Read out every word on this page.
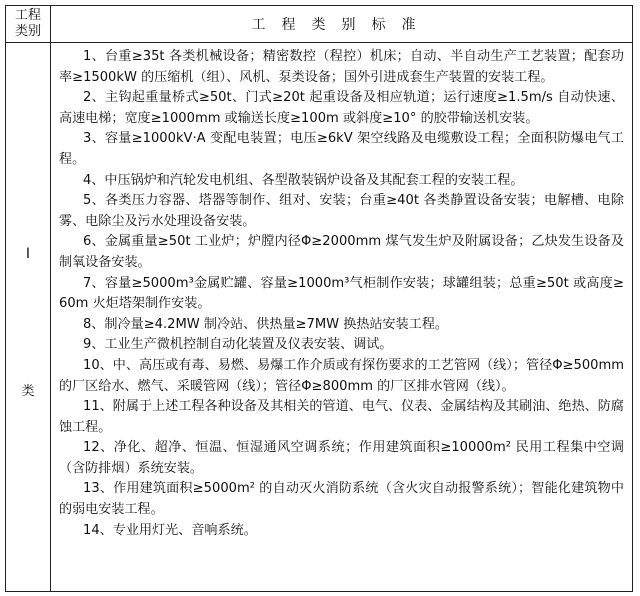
工程
类别	工程类别标准
I
类

1、台重≥35t 各类机械设备；精密数控（程控）机床；自动、半自动生产工艺装置；配套功率≥1500kW 的压缩机（组）、风机、泵类设备；国外引进成套生产装置的安装工程。

2、主钩起重量桥式≥50t、门式≥20t 起重设备及相应轨道；运行速度≥1.5m/s 自动快速、高速电梯；宽度≥1000mm 或输送长度≥100m 或斜度≥10° 的胶带输送机安装。

3、容量≥1000kV·A 变配电装置；电压≥6kV 架空线路及电缆敷设工程；全面积防爆电气工程。

4、中压锅炉和汽轮发电机组、各型散装锅炉设备及其配套工程的安装工程。

5、各类压力容器、塔器等制作、组对、安装；台重≥40t 各类静置设备安装；电解槽、电除雾、电除尘及污水处理设备安装。

6、金属重量≥50t 工业炉；炉膛内径Φ≥2000mm 煤气发生炉及附属设备；乙炔发生设备及制氧设备安装。

7、容量≥5000m³金属贮罐、容量≥1000m³气柜制作安装；球罐组装；总重≥50t 或高度≥60m 火炬塔架制作安装。

8、制冷量≥4.2MW 制冷站、供热量≥7MW 换热站安装工程。

9、工业生产微机控制自动化装置及仪表安装、调试。

10、中、高压或有毒、易燃、易爆工作介质或有探伤要求的工艺管网（线）；管径Φ≥500mm 的厂区给水、燃气、采暖管网（线）；管径Φ≥800mm 的厂区排水管网（线）。

11、附属于上述工程各种设备及其相关的管道、电气、仪表、金属结构及其刷油、绝热、防腐蚀工程。

12、净化、超净、恒温、恒湿通风空调系统；作用建筑面积≥10000m² 民用工程集中空调（含防排烟）系统安装。

13、作用建筑面积≥5000m² 的自动灭火消防系统（含火灾自动报警系统）；智能化建筑物中的弱电安装工程。

14、专业用灯光、音响系统。
